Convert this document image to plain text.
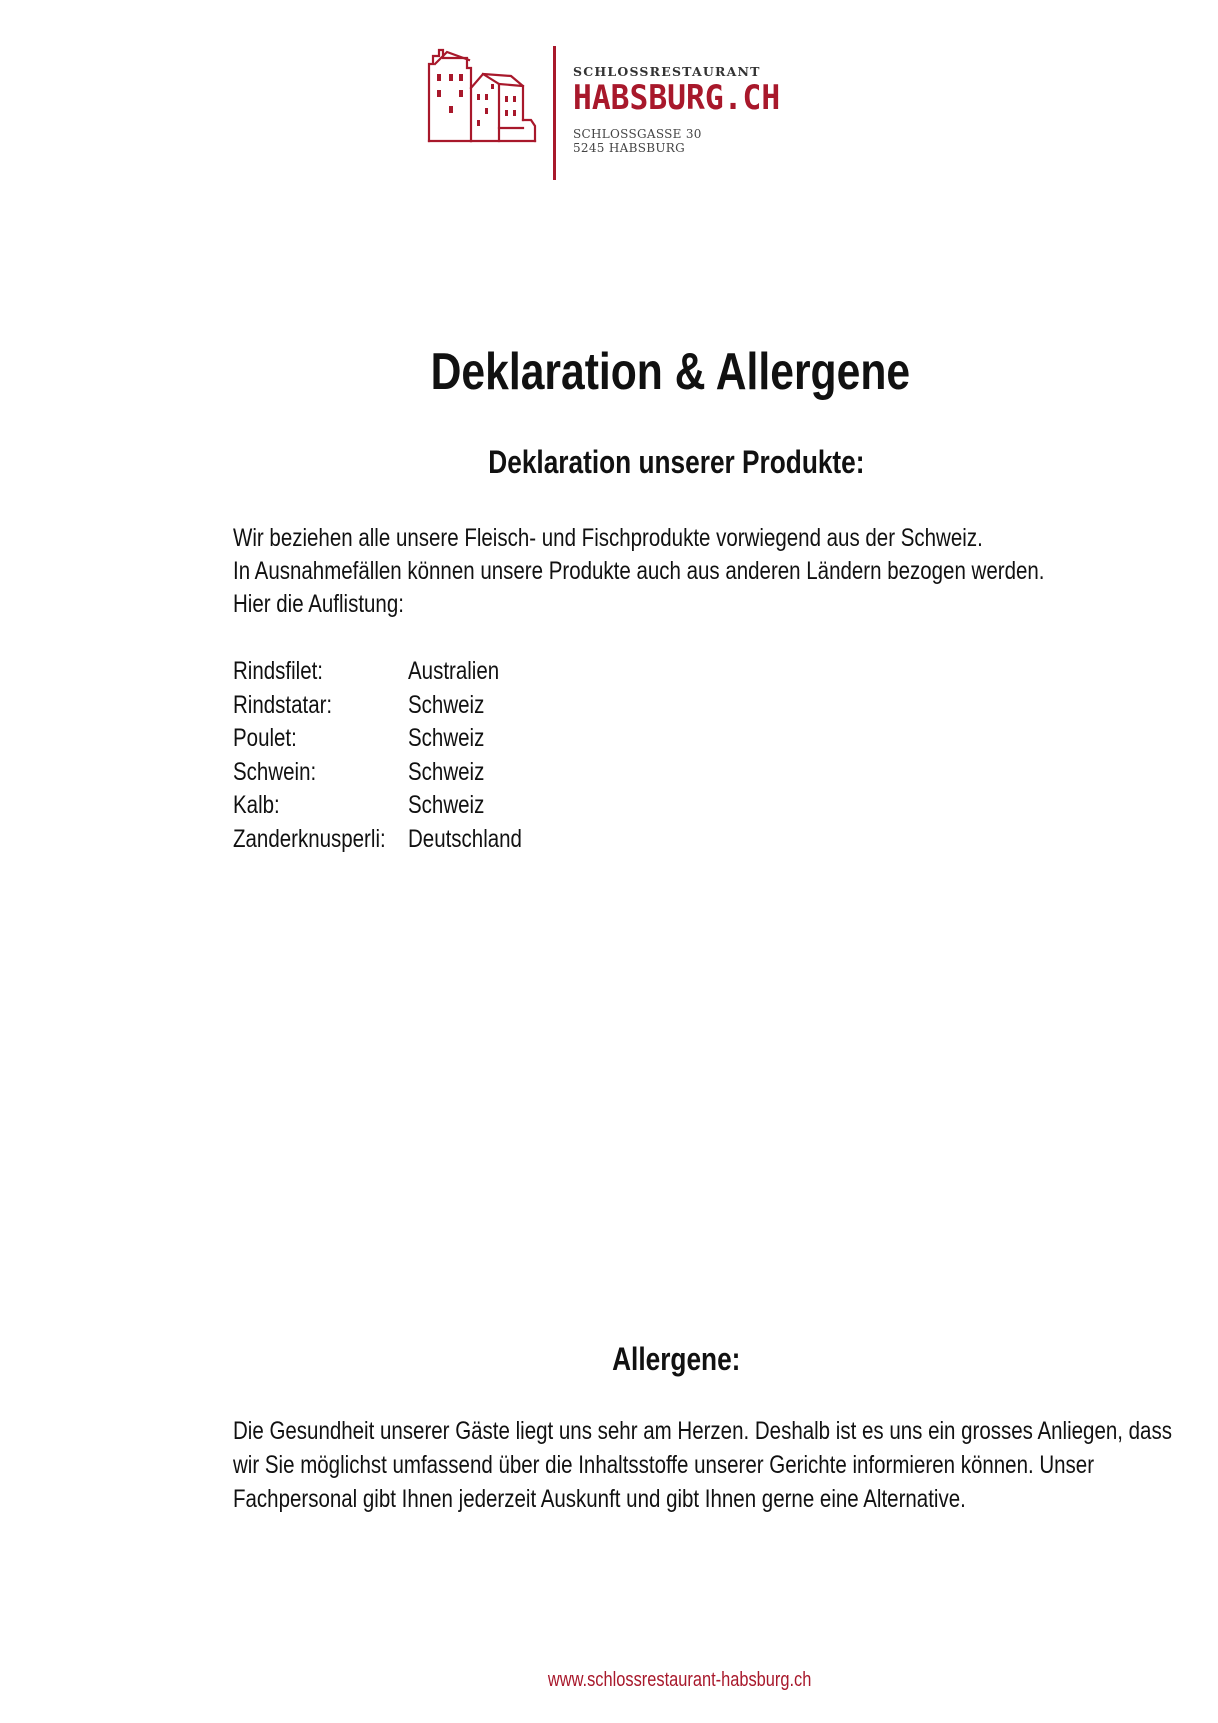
SCHLOSSRESTAURANT
HABSBURG.CH
SCHLOSSGASSE 30
5245 HABSBURG
Deklaration & Allergene
Deklaration unserer Produkte:

Wir beziehen alle unsere Fleisch- und Fischprodukte vorwiegend aus der Schweiz.

In Ausnahmefällen können unsere Produkte auch aus anderen Ländern bezogen werden.

Hier die Auflistung:

Rindsfilet:	Australien
Rindstatar:	Schweiz
Poulet:	Schweiz
Schwein:	Schweiz
Kalb:	Schweiz
Zanderknusperli: Deutschland
Allergene:
Die Gesundheit unserer Gäste liegt uns sehr am Herzen. Deshalb ist es uns ein grosses Anliegen, dass
wir Sie möglichst umfassend über die Inhaltsstoffe unserer Gerichte informieren können. Unser
Fachpersonal gibt Ihnen jederzeit Auskunft und gibt Ihnen gerne eine Alternative.
www.schlossrestaurant-habsburg.ch
